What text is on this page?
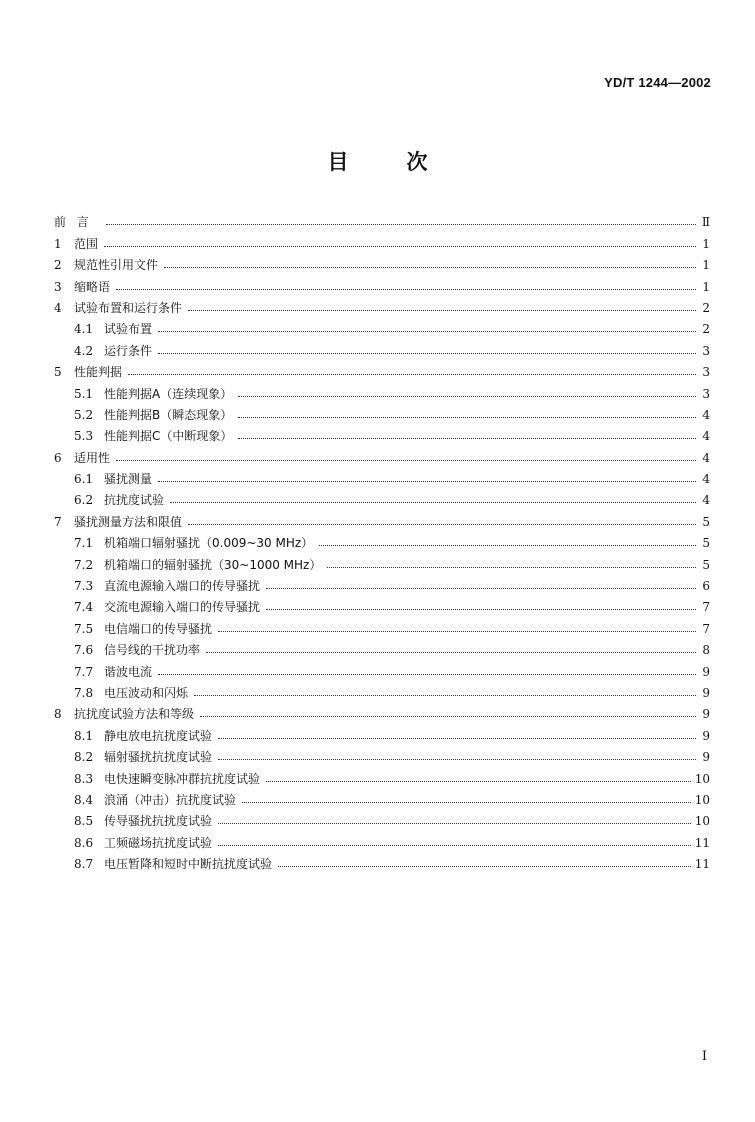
YD/T 1244—2002
目	次
前言	Ⅱ
1	范围	1
2	规范性引用文件	1
3	缩略语	1
4	试验布置和运行条件	2
4.1 试验布置	2
4.2 运行条件	3
5	性能判据	3
5.1 性能判据A（连续现象）	3
5.2 性能判据B（瞬态现象）	4
5.3 性能判据C（中断现象）	4
6	适用性	4
6.1 骚扰测量	4
6.2 抗扰度试验	4
7	骚扰测量方法和限值	5
7.1 机箱端口辐射骚扰（0.009~30 MHz）	5
7.2 机箱端口的辐射骚扰（30~1000 MHz）	5
7.3 直流电源输入端口的传导骚扰	6
7.4 交流电源输入端口的传导骚扰	7
7.5 电信端口的传导骚扰	7
7.6 信号线的干扰功率	8
7.7 谐波电流	9
7.8 电压波动和闪烁	9
8	抗扰度试验方法和等级	9
8.1 静电放电抗扰度试验	9
8.2 辐射骚扰抗扰度试验	9
8.3 电快速瞬变脉冲群抗扰度试验	10
8.4 浪涌（冲击）抗扰度试验	10
8.5 传导骚扰抗扰度试验	10
8.6 工频磁场抗扰度试验	11
8.7 电压暂降和短时中断抗扰度试验	11
I
